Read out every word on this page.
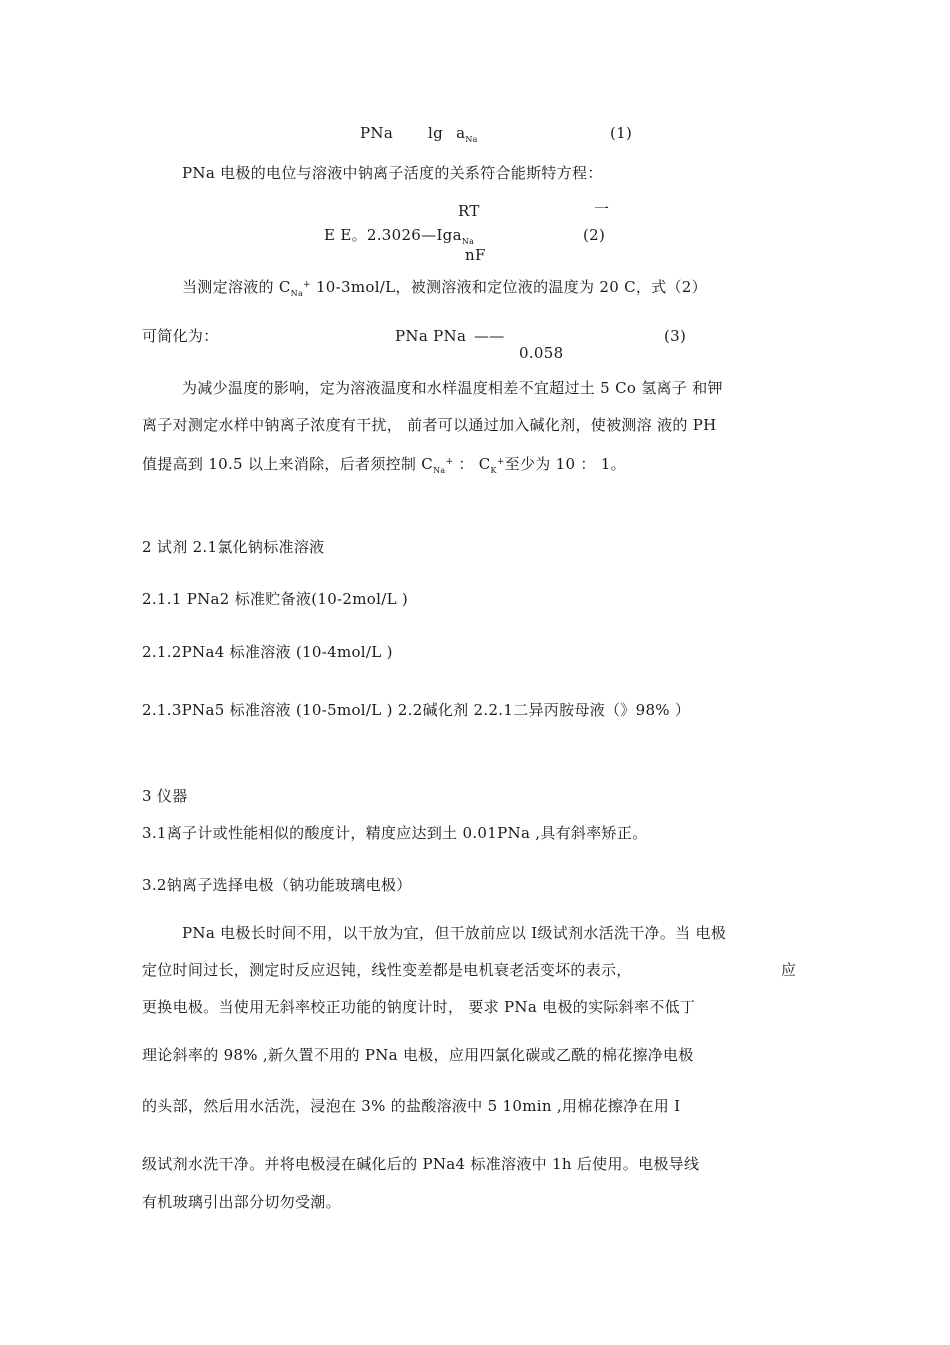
PNa $\lg a_{Na}$	(1)
PNa 电极的电位与溶液中钠离子活度的关系符合能斯特方程：
RT	一
E E。2.3026—Iga$_{Na}$	(2)
nF
当测定溶液的 $C_{Na}^+$ 10-3mol/L，被测溶液和定位液的温度为 20 C，式（2）
可简化为：	PNa PNa ——	(3)
0.058
为减少温度的影响，定为溶液温度和水样温度相差不宜超过土 5 Co 氢离子 和钾
离子对测定水样中钠离子浓度有干扰， 前者可以通过加入碱化剂，使被测溶 液的 PH
值提高到 10.5 以上来消除，后者须控制 $C_{Na}^+$ ： $C_K^+$至少为 10 ： 1。
2 试剂 2.1氯化钠标准溶液
2.1.1 PNa2 标准贮备液(10-2mol/L )
2.1.2PNa4 标准溶液 (10-4mol/L )
2.1.3PNa5 标准溶液 (10-5mol/L ) 2.2碱化剂 2.2.1二异丙胺母液（》98% ）
3 仪器
3.1离子计或性能相似的酸度计，精度应达到土 0.01PNa ,具有斜率矫正。
3.2钠离子选择电极（钠功能玻璃电极）
PNa 电极长时间不用，以干放为宜，但干放前应以 I级试剂水活洗干净。当 电极
定位时间过长，测定时反应迟钝，线性变差都是电机衰老活变坏的表示，	应
更换电极。当使用无斜率校正功能的钠度计时， 要求 PNa 电极的实际斜率不低丁
理论斜率的 98% ,新久置不用的 PNa 电极，应用四氯化碳或乙酰的棉花擦净电极
的头部，然后用水活洗，浸泡在 3% 的盐酸溶液中 5 10min ,用棉花擦净在用 I
级试剂水洗干净。并将电极浸在碱化后的 PNa4 标准溶液中 1h 后使用。电极导线
有机玻璃引出部分切勿受潮。
